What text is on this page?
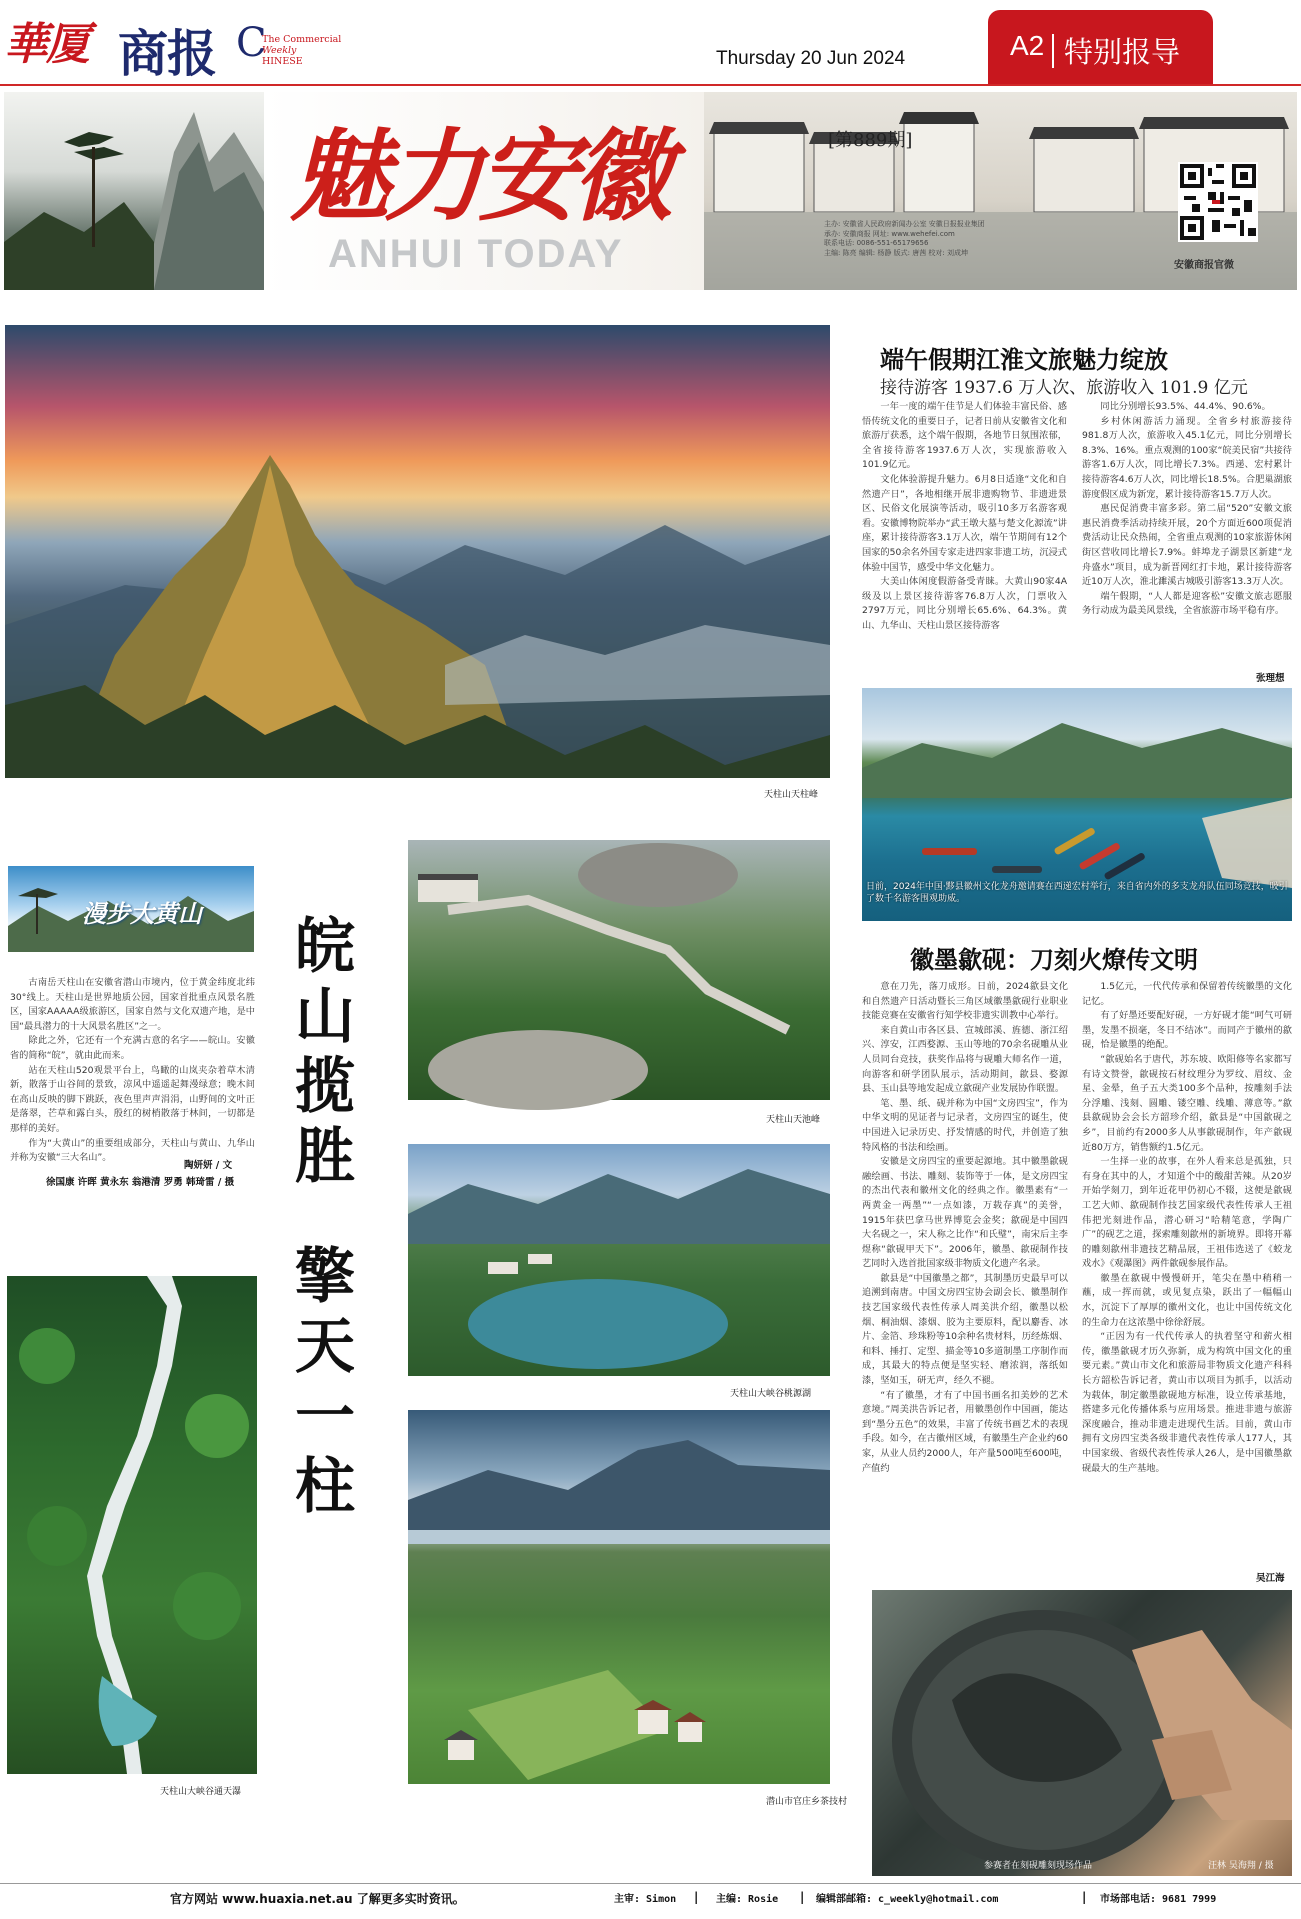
華厦 商报 C
The Commercial
Weekly
HINESE	Thursday 20 Jun 2024	A2 特别报导
魅力安徽
ANHUI TODAY
[第889期]
主办: 安徽省人民政府新闻办公室 安徽日报报业集团
承办: 安徽商报 网址: www.wehefei.com
联系电话: 0086-551-65179656
主编: 陈亮 编辑: 杨静 版式: 唐茜 校对: 刘成坤
安徽商报官微
天柱山天柱峰
端午假期江淮文旅魅力绽放
接待游客 1937.6 万人次、旅游收入 101.9 亿元

一年一度的端午佳节是人们体验丰富民俗、感悟传统文化的重要日子，记者日前从安徽省文化和旅游厅获悉，这个端午假期，各地节日氛围浓郁，全省接待游客1937.6万人次，实现旅游收入101.9亿元。

文化体验游提升魅力。6月8日适逢“文化和自然遗产日”，各地相继开展非遗购物节、非遗进景区、民俗文化展演等活动，吸引10多万名游客观看。安徽博物院举办“武王墩大墓与楚文化源流”讲座，累计接待游客3.1万人次，端午节期间有12个国家的50余名外国专家走进四家非遗工坊，沉浸式体验中国节，感受中华文化魅力。

大美山体闲度假游备受青睐。大黄山90家4A级及以上景区接待游客76.8万人次，门票收入2797万元，同比分别增长65.6%、64.3%。黄山、九华山、天柱山景区接待游客

同比分别增长93.5%、44.4%、90.6%。

乡村休闲游活力涌现。全省乡村旅游接待981.8万人次，旅游收入45.1亿元，同比分别增长8.3%、16%。重点观测的100家“皖美民宿”共接待游客1.6万人次，同比增长7.3%。西递、宏村累计接待游客4.6万人次，同比增长18.5%。合肥巢湖旅游度假区成为新宠，累计接待游客15.7万人次。

惠民促消费丰富多彩。第二届“520”安徽文旅惠民消费季活动持续开展，20个方面近600项促消费活动让民众热闹，全省重点观测的10家旅游休闲街区营收同比增长7.9%。蚌埠龙子湖景区新建“龙舟盛水”项目，成为新晋网红打卡地，累计接待游客近10万人次，淮北濉溪古城吸引游客13.3万人次。

端午假期，“人人都是迎客松”安徽文旅志愿服务行动成为最美风景线，全省旅游市场平稳有序。

张理想
日前，2024年中国·黟县徽州文化龙舟邀请赛在西递宏村举行，来自省内外的多支龙舟队伍同场竞技，吸引了数千名游客围观助威。
徽墨歙砚：刀刻火燎传文明

意在刀先，落刀成形。日前，2024歙县文化和自然遗产日活动暨长三角区域徽墨歙砚行业职业技能竞赛在安徽省行知学校非遗实训教中心举行。

来自黄山市各区县、宣城郎溪、旌德、浙江绍兴、淳安，江西婺源、玉山等地的70余名砚雕从业人员同台竞技，获奖作品将与砚雕大师名作一道，向游客和研学团队展示，活动期间，歙县、婺源县、玉山县等地发起成立歙砚产业发展协作联盟。

笔、墨、纸、砚并称为中国“文房四宝”，作为中华文明的见证者与记录者，文房四宝的诞生，使中国进入记录历史、抒发情感的时代，并创造了独特风格的书法和绘画。

安徽是文房四宝的重要起源地。其中徽墨歙砚融绘画、书法、雕刻、装饰等于一体，是文房四宝的杰出代表和徽州文化的经典之作。徽墨素有“一两黄金一两墨”“一点如漆，万载存真”的美誉，1915年获巴拿马世界博览会金奖；歙砚是中国四大名砚之一，宋人称之比作“和氏璧”，南宋后主李煜称“歙砚甲天下”。2006年，徽墨、歙砚制作技艺同时入选首批国家级非物质文化遗产名录。

歙县是“中国徽墨之都”，其制墨历史最早可以追溯到南唐。中国文房四宝协会副会长、徽墨制作技艺国家级代表性传承人周美洪介绍，徽墨以松烟、桐油烟、漆烟、胶为主要原料，配以麝香、冰片、金箔、珍珠粉等10余种名贵材料，历经炼烟、和料、捶打、定型、描金等10多道制墨工序制作而成，其最大的特点便是坚实轻、磨浓润，落纸如漆，坚如玉，研无声，经久不褪。

“有了徽墨，才有了中国书画名扣美妙的艺术意境。”周美洪告诉记者，用徽墨创作中国画，能达到“墨分五色”的效果，丰富了传统书画艺术的表现手段。如今，在古徽州区域，有徽墨生产企业约60家，从业人员约2000人，年产量500吨至600吨，产值约

1.5亿元，一代代传承和保留着传统徽墨的文化记忆。

有了好墨还要配好砚，一方好砚才能“呵气可研墨，发墨不损毫，冬日不结冰”。而同产于徽州的歙砚，恰是徽墨的绝配。

“歙砚始名于唐代，苏东坡、欧阳修等名家都写有诗文赞誉，歙砚按石材纹理分为罗纹、眉纹、金星、金晕，鱼子五大类100多个品种，按雕刻手法分浮雕、浅刻、圆雕、镂空雕、线雕、薄意等。”歙县歙砚协会会长方韶珍介绍，歙县是“中国歙砚之乡”，目前约有2000多人从事歙砚制作，年产歙砚近80万方，销售额约1.5亿元。

一生择一业的故事，在外人看来总是孤独，只有身在其中的人，才知道个中的酸甜苦辣。从20岁开始学刻刀，到年近花甲仍初心不辍，这便是歙砚工艺大师、歙砚制作技艺国家级代表性传承人王祖伟把光刻进作品，潜心研习“哈精笔意，学陶广广”的砚艺之道，探索雕刻歙州的新境界。即将开幕的雕刻歙州非遗技艺精品展，王祖伟选送了《蛟龙戏水》《观瀑图》两件歙砚参展作品。

徽墨在歙砚中慢慢研开，笔尖在墨中稍稍一蘸，成一挥而就，或见复点染，跃出了一幅幅山水，沉淀下了厚厚的徽州文化，也让中国传统文化的生命力在这浓墨中徐徐舒展。

“正因为有一代代传承人的执着坚守和薪火相传，徽墨歙砚才历久弥新，成为构筑中国文化的重要元素。”黄山市文化和旅游局非物质文化遗产科科长方韶松告诉记者，黄山市以项目为抓手，以活动为载体，制定徽墨歙砚地方标准，设立传承基地，搭建多元化传播体系与应用场景。推进非遗与旅游深度融合，推动非遗走进现代生活。目前，黄山市拥有文房四宝类各级非遗代表性传承人177人，其中国家级、省级代表性传承人26人，是中国徽墨歙砚最大的生产基地。

吴江海
参赛者在刻砚雕刻现场作品	汪林 吴海翔 / 摄
漫步大黄山

古南岳天柱山在安徽省潜山市境内，位于黄金纬度北纬30°线上。天柱山是世界地质公园，国家首批重点风景名胜区，国家AAAAA级旅游区，国家自然与文化双遗产地，是中国“最具潜力的十大风景名胜区”之一。

除此之外，它还有一个充满古意的名字——皖山。安徽省的简称“皖”，就由此而来。

站在天柱山520观景平台上，鸟瞰的山岚夹杂着草木清新，散落于山谷间的景致，涼风中遥遥起舞漫绿意；晚木间在高山反映的脚下跳跃，夜色里声声涓涓，山野间的文叶正是落翠，芒草和露白头，殷红的树梢散落于林间，一切都是那样的美好。

作为“大黄山”的重要组成部分，天柱山与黄山、九华山并称为安徽“三大名山”。

陶妍妍 / 文
徐国康 许晖 黄永东 翁港清 罗勇 韩琦雷 / 摄 皖山揽胜
擎天一柱
天柱山大峡谷通天瀑
天柱山天池峰
天柱山大峡谷桃源湖
潜山市官庄乡茶技村
官方网站 www.huaxia.net.au 了解更多实时资讯。	主审: Simon | 主编: Rosie | 编辑部邮箱: c_weekly@hotmail.com	| 市场部电话: 9681 7999
